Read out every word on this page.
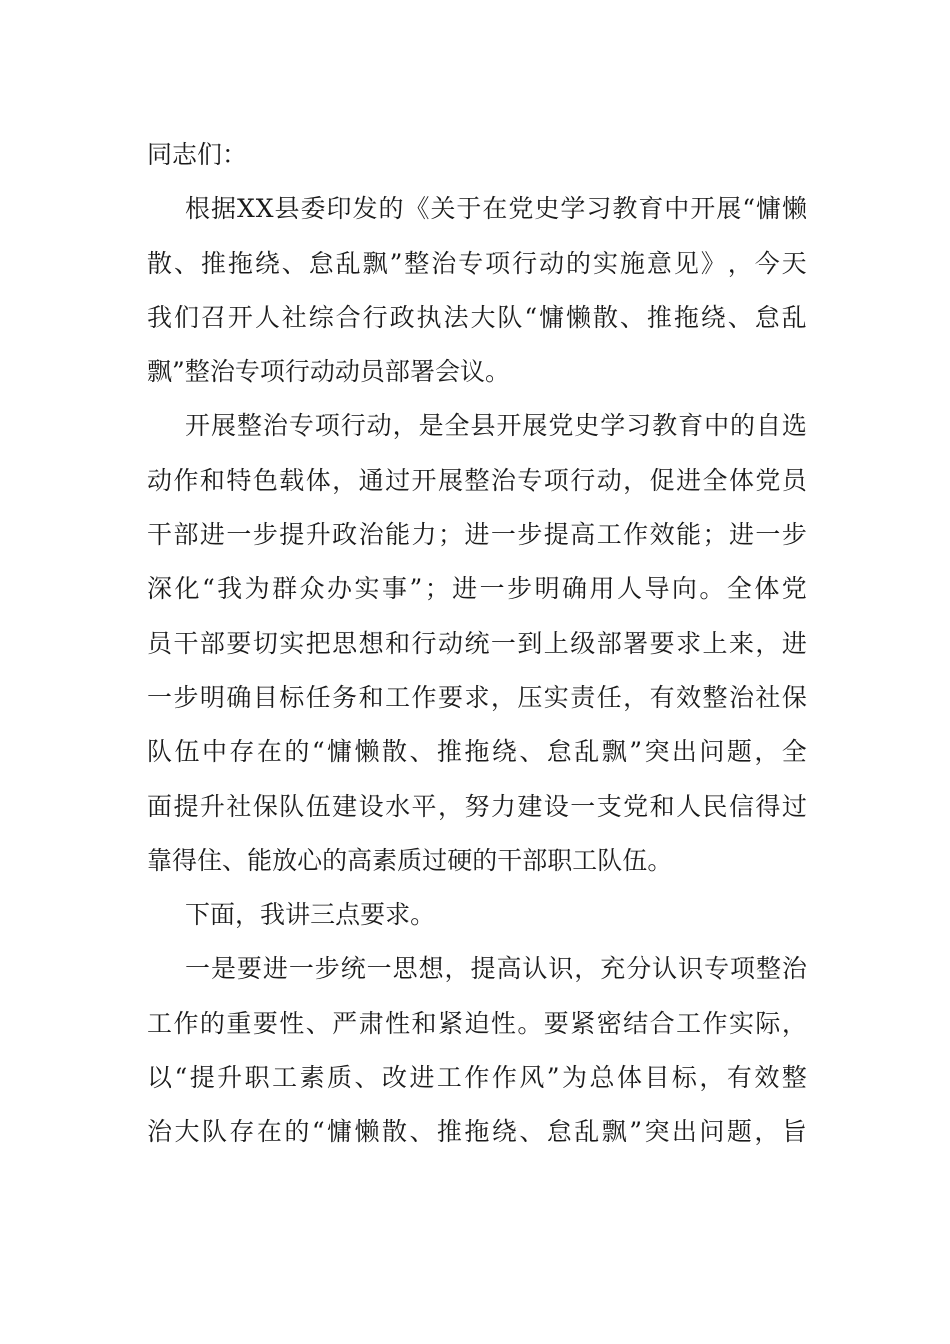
同 志 们 ：
根 据 X X 县 委 印 发 的 《 关 于 在 党 史 学 习 教 育 中 开 展 “ 慵 懒
散 、 推 拖 绕 、 怠 乱 飘 ” 整 治 专 项 行 动 的 实 施 意 见 》 ， 今 天
我 们 召 开 人 社 综 合 行 政 执 法 大 队 “ 慵 懒 散 、 推 拖 绕 、 怠 乱
飘 ” 整 治 专 项 行 动 动 员 部 署 会 议 。
开 展 整 治 专 项 行 动 ， 是 全 县 开 展 党 史 学 习 教 育 中 的 自 选
动 作 和 特 色 载 体 ， 通 过 开 展 整 治 专 项 行 动 ， 促 进 全 体 党 员
干 部 进 一 步 提 升 政 治 能 力 ； 进 一 步 提 高 工 作 效 能 ； 进 一 步
深 化 “ 我 为 群 众 办 实 事 ” ； 进 一 步 明 确 用 人 导 向 。 全 体 党
员 干 部 要 切 实 把 思 想 和 行 动 统 一 到 上 级 部 署 要 求 上 来 ， 进
一 步 明 确 目 标 任 务 和 工 作 要 求 ， 压 实 责 任 ， 有 效 整 治 社 保
队 伍 中 存 在 的 “ 慵 懒 散 、 推 拖 绕 、 怠 乱 飘 ” 突 出 问 题 ， 全
面 提 升 社 保 队 伍 建 设 水 平 ， 努 力 建 设 一 支 党 和 人 民 信 得 过
靠 得 住 、 能 放 心 的 高 素 质 过 硬 的 干 部 职 工 队 伍 。
下 面 ， 我 讲 三 点 要 求 。
一 是 要 进 一 步 统 一 思 想 ， 提 高 认 识 ， 充 分 认 识 专 项 整 治
工 作 的 重 要 性 、 严 肃 性 和 紧 迫 性 。 要 紧 密 结 合 工 作 实 际 ，
以 “ 提 升 职 工 素 质 、 改 进 工 作 作 风 ” 为 总 体 目 标 ， 有 效 整
治 大 队 存 在 的 “ 慵 懒 散 、 推 拖 绕 、 怠 乱 飘 ” 突 出 问 题 ， 旨
